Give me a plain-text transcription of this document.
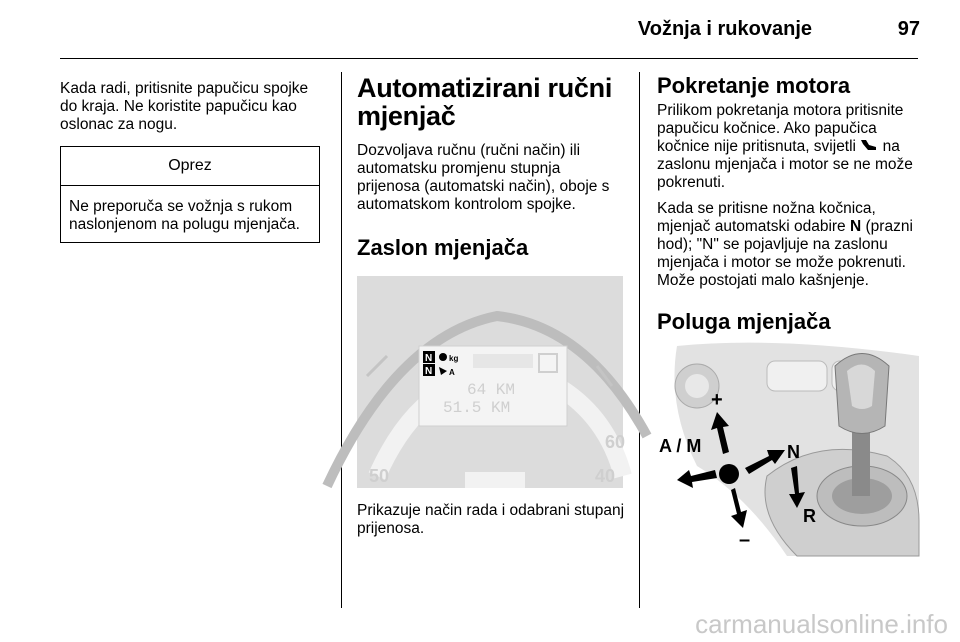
Vožnja i rukovanje	97

Kada radi, pritisnite papučicu spojke do kraja. Ne koristite papučicu kao oslonac za nogu.

Oprez
Ne preporuča se vožnja s rukom naslonjenom na polugu mjenjača.
Automatizirani ručni mjenjač

Dozvoljava ručnu (ručni način) ili automatsku promjenu stupnja prijenosa (automatski način), oboje s automatskom kontrolom spojke.

Zaslon mjenjača
N
N
kg
A
64 KM
51.5 KM
50
60
40

Prikazuje način rada i odabrani stupanj prijenosa.

Pokretanje motora

Prilikom pokretanja motora pritisnite papučicu kočnice. Ako papučica kočnice nije pritisnuta, svijetli na zaslonu mjenjača i motor se ne može pokrenuti.

Kada se pritisne nožna kočnica, mjenjač automatski odabire N (prazni hod); "N" se pojavljuje na zaslonu mjenjača i motor se može pokrenuti. Može postojati malo kašnjenje.

Poluga mjenjača
+
A / M
–
N
R
carmanualsonline.info
